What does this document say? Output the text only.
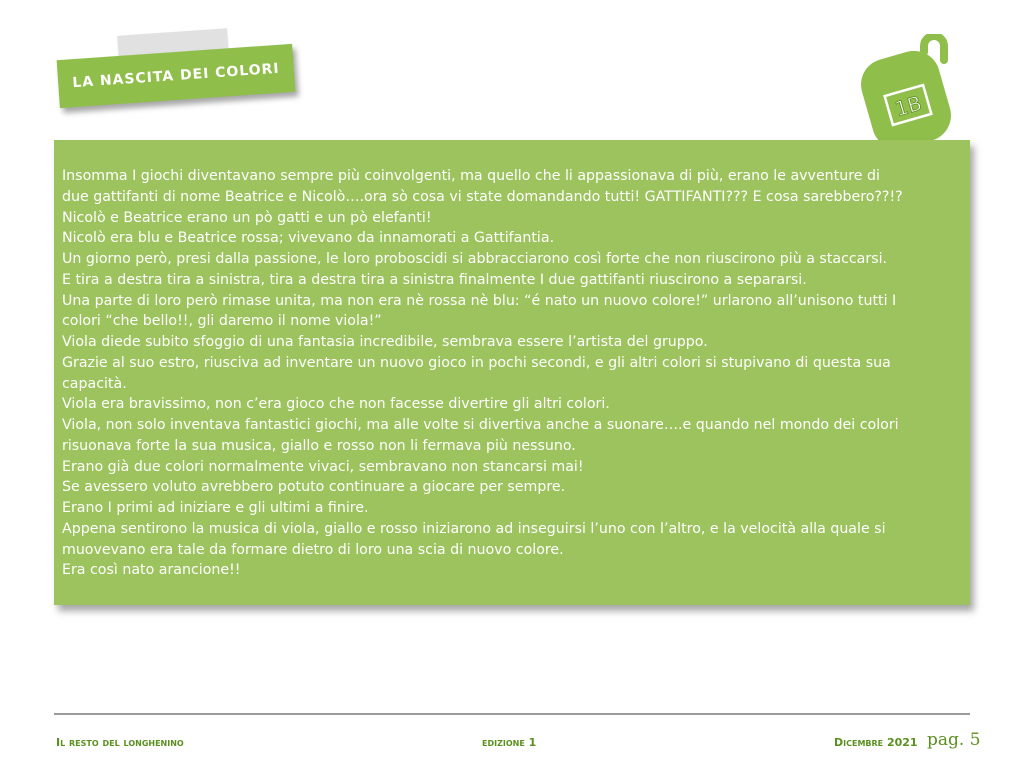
LA NASCITA DEI COLORI
1B
Insomma I giochi diventavano sempre più coinvolgenti, ma quello che li appassionava di più, erano le avventure di
due gattifanti di nome Beatrice e Nicolò….ora sò cosa vi state domandando tutti! GATTIFANTI??? E cosa sarebbero??!?
Nicolò e Beatrice erano un pò gatti e un pò elefanti!
Nicolò era blu e Beatrice rossa; vivevano da innamorati a Gattifantia.
Un giorno però, presi dalla passione, le loro proboscidi si abbracciarono così forte che non riuscirono più a staccarsi.
E tira a destra tira a sinistra, tira a destra tira a sinistra finalmente I due gattifanti riuscirono a separarsi.
Una parte di loro però rimase unita, ma non era nè rossa nè blu: “é nato un nuovo colore!” urlarono all’unisono tutti I
colori “che bello!!, gli daremo il nome viola!”
Viola diede subito sfoggio di una fantasia incredibile, sembrava essere l’artista del gruppo.
Grazie al suo estro, riusciva ad inventare un nuovo gioco in pochi secondi, e gli altri colori si stupivano di questa sua
capacità.
Viola era bravissimo, non c’era gioco che non facesse divertire gli altri colori.
Viola, non solo inventava fantastici giochi, ma alle volte si divertiva anche a suonare….e quando nel mondo dei colori
risuonava forte la sua musica, giallo e rosso non li fermava più nessuno.
Erano già due colori normalmente vivaci, sembravano non stancarsi mai!
Se avessero voluto avrebbero potuto continuare a giocare per sempre.
Erano I primi ad iniziare e gli ultimi a finire.
Appena sentirono la musica di viola, giallo e rosso iniziarono ad inseguirsi l’uno con l’altro, e la velocità alla quale si
muovevano era tale da formare dietro di loro una scia di nuovo colore.
Era così nato arancione!!
Il resto del longhenino	edizione 1	Dicembre 2021 pag. 5
